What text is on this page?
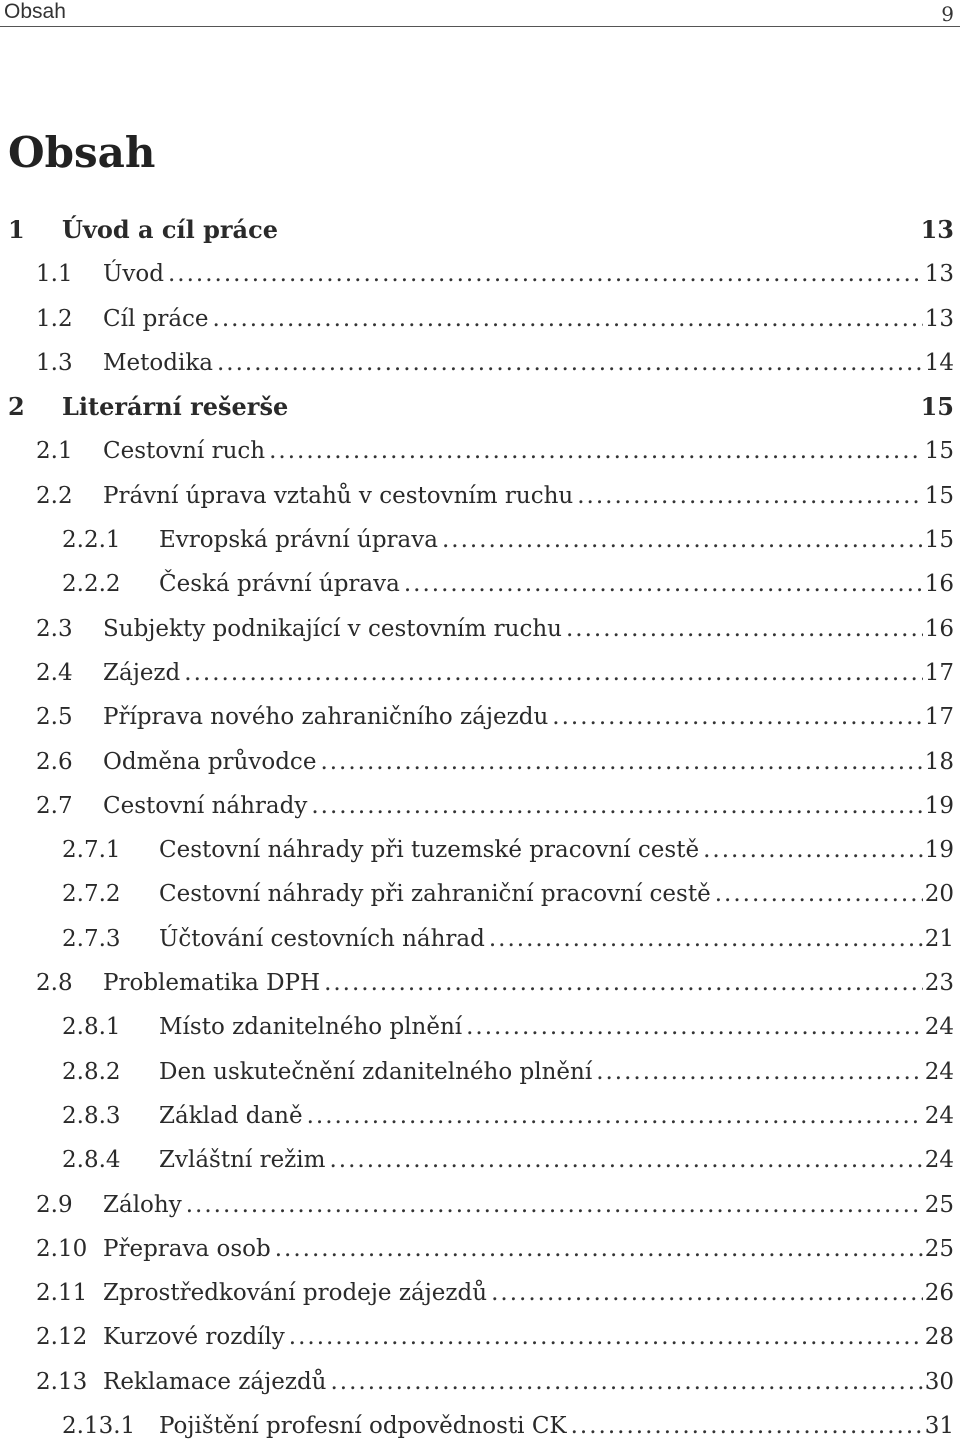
Obsah	9
Obsah
1 Úvod a cíl práce	13
1.1 Úvod .....	13
1.2 Cíl práce .....	13
1.3 Metodika .....	14
2 Literární rešerše	15
2.1 Cestovní ruch .....	15
2.2 Právní úprava vztahů v cestovním ruchu .....	15
2.2.1 Evropská právní úprava .....	15
2.2.2 Česká právní úprava .....	16
2.3 Subjekty podnikající v cestovním ruchu .....	16
2.4 Zájezd .....	17
2.5 Příprava nového zahraničního zájezdu .....	17
2.6 Odměna průvodce .....	18
2.7 Cestovní náhrady .....	19
2.7.1 Cestovní náhrady při tuzemské pracovní cestě .....	19
2.7.2 Cestovní náhrady při zahraniční pracovní cestě .....	20
2.7.3 Účtování cestovních náhrad .....	21
2.8 Problematika DPH .....	23
2.8.1 Místo zdanitelného plnění .....	24
2.8.2 Den uskutečnění zdanitelného plnění .....	24
2.8.3 Základ daně .....	24
2.8.4 Zvláštní režim .....	24
2.9 Zálohy .....	25
2.10 Přeprava osob .....	25
2.11 Zprostředkování prodeje zájezdů .....	26
2.12 Kurzové rozdíly .....	28
2.13 Reklamace zájezdů .....	30
2.13.1 Pojištění profesní odpovědnosti CK .....	31
